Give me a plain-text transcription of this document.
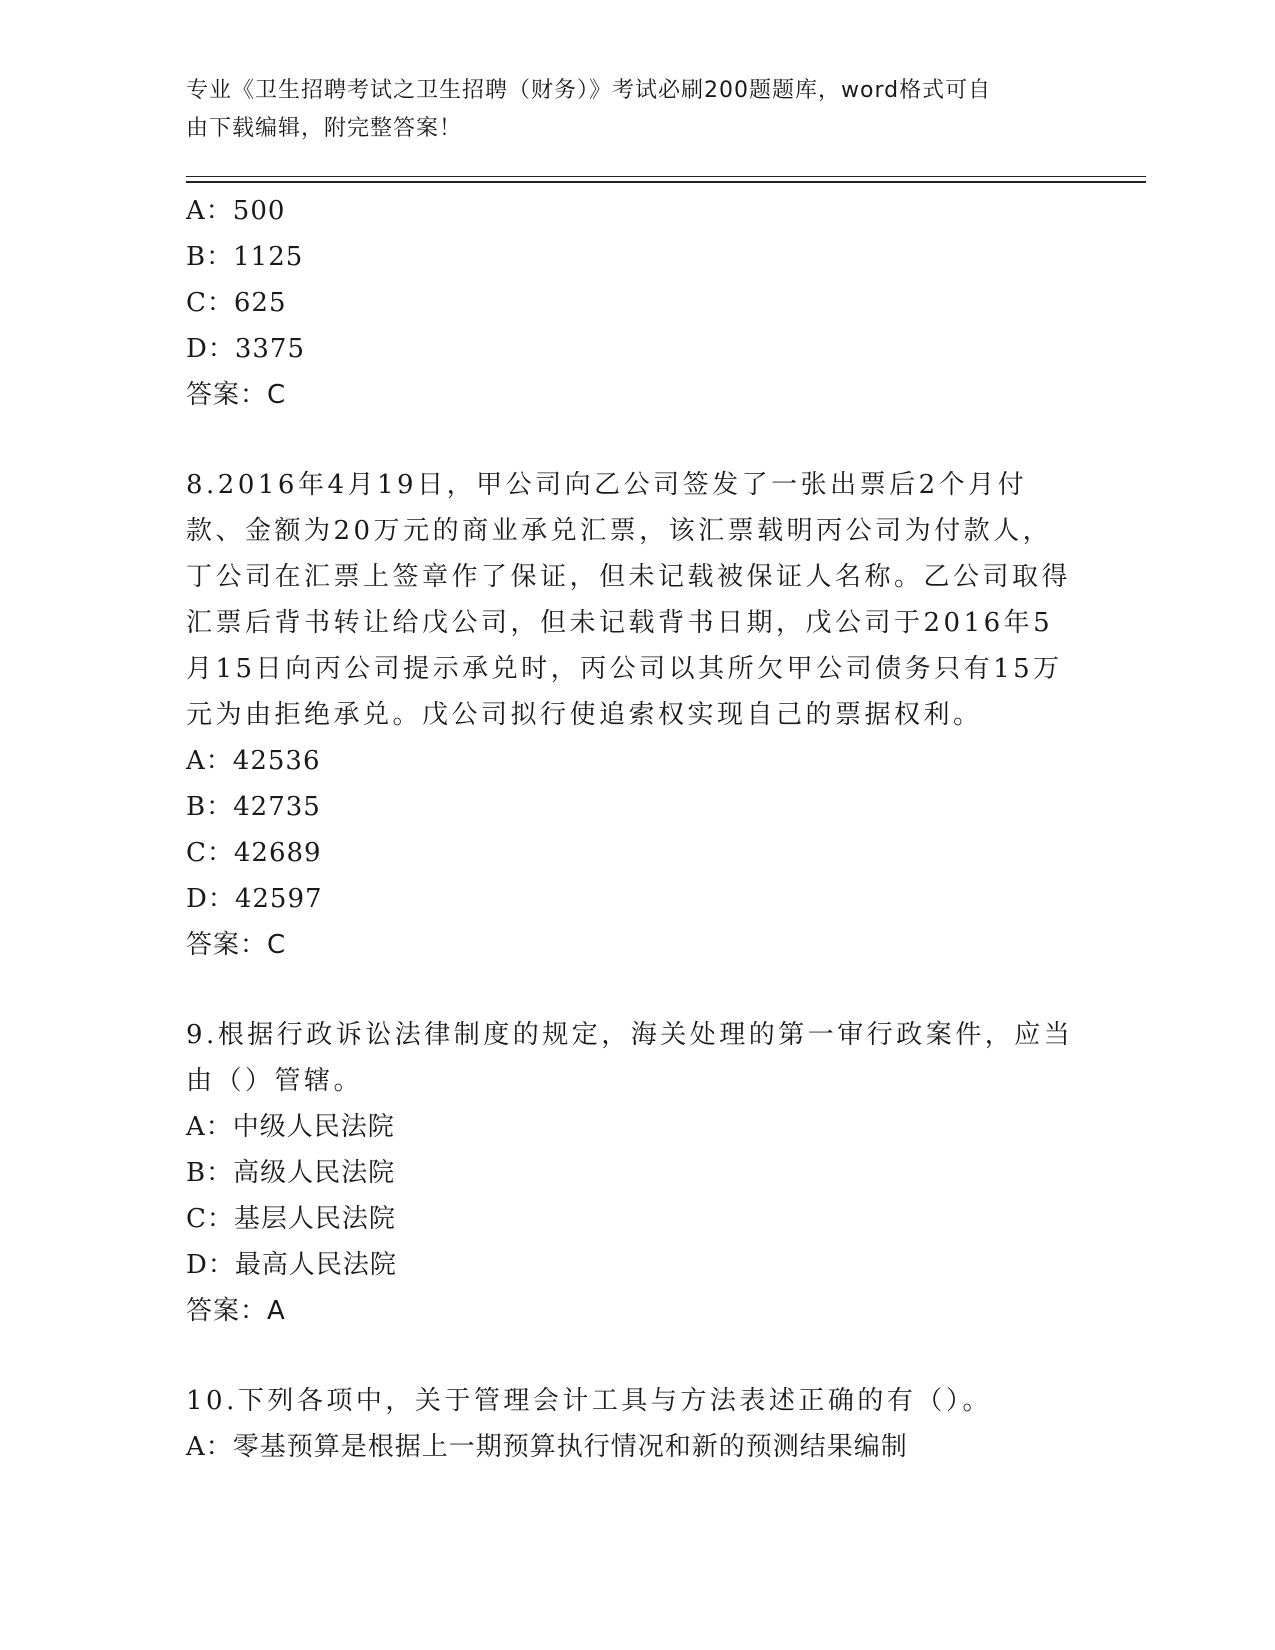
专业《卫生招聘考试之卫生招聘（财务）》考试必刷200题题库，word格式可自
由下载编辑，附完整答案！
A：500
B：1125
C：625
D：3375
答案：C
8.2016年4月19日，甲公司向乙公司签发了一张出票后2个月付款、金额为20万元的商业承兑汇票，该汇票载明丙公司为付款人，丁公司在汇票上签章作了保证，但未记载被保证人名称。乙公司取得汇票后背书转让给戊公司，但未记载背书日期，戊公司于2016年5月15日向丙公司提示承兑时，丙公司以其所欠甲公司债务只有15万元为由拒绝承兑。戊公司拟行使追索权实现自己的票据权利。
A：42536
B：42735
C：42689
D：42597
答案：C
9.根据行政诉讼法律制度的规定，海关处理的第一审行政案件，应当由（）管辖。
A：中级人民法院
B：高级人民法院
C：基层人民法院
D：最高人民法院
答案：A
10.下列各项中，关于管理会计工具与方法表述正确的有（）。
A：零基预算是根据上一期预算执行情况和新的预测结果编制
